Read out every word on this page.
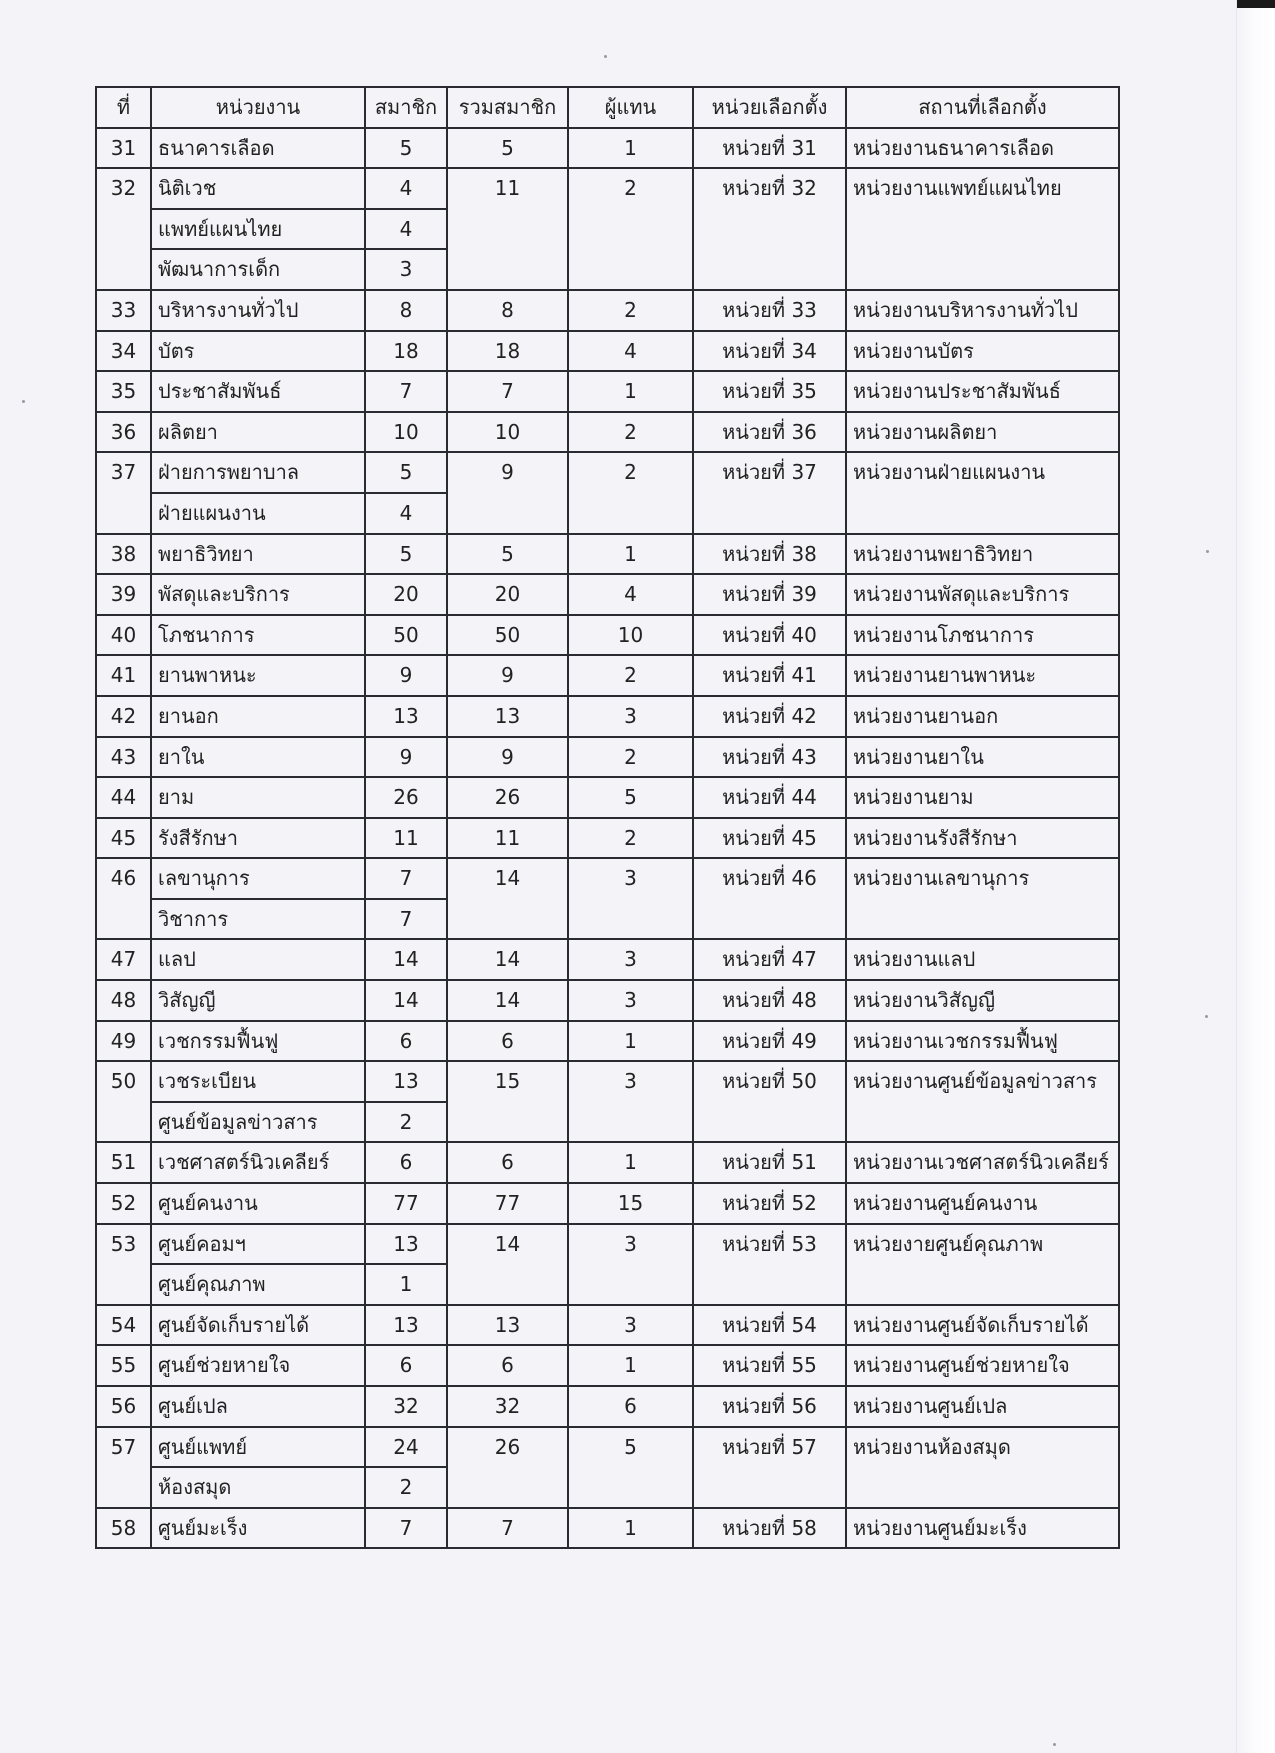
ที่	หน่วยงาน	สมาชิก	รวมสมาชิก	ผู้แทน	หน่วยเลือกตั้ง	สถานที่เลือกตั้ง
31	ธนาคารเลือด	5	5	1	หน่วยที่ 31	หน่วยงานธนาคารเลือด
32	นิติเวช	4	11	2	หน่วยที่ 32	หน่วยงานแพทย์แผนไทย
	แพทย์แผนไทย	4				
	พัฒนาการเด็ก	3				
33	บริหารงานทั่วไป	8	8	2	หน่วยที่ 33	หน่วยงานบริหารงานทั่วไป
34	บัตร	18	18	4	หน่วยที่ 34	หน่วยงานบัตร
35	ประชาสัมพันธ์	7	7	1	หน่วยที่ 35	หน่วยงานประชาสัมพันธ์
36	ผลิตยา	10	10	2	หน่วยที่ 36	หน่วยงานผลิตยา
37	ฝ่ายการพยาบาล	5	9	2	หน่วยที่ 37	หน่วยงานฝ่ายแผนงาน
	ฝ่ายแผนงาน	4				
38	พยาธิวิทยา	5	5	1	หน่วยที่ 38	หน่วยงานพยาธิวิทยา
39	พัสดุและบริการ	20	20	4	หน่วยที่ 39	หน่วยงานพัสดุและบริการ
40	โภชนาการ	50	50	10	หน่วยที่ 40	หน่วยงานโภชนาการ
41	ยานพาหนะ	9	9	2	หน่วยที่ 41	หน่วยงานยานพาหนะ
42	ยานอก	13	13	3	หน่วยที่ 42	หน่วยงานยานอก
43	ยาใน	9	9	2	หน่วยที่ 43	หน่วยงานยาใน
44	ยาม	26	26	5	หน่วยที่ 44	หน่วยงานยาม
45	รังสีรักษา	11	11	2	หน่วยที่ 45	หน่วยงานรังสีรักษา
46	เลขานุการ	7	14	3	หน่วยที่ 46	หน่วยงานเลขานุการ
	วิชาการ	7				
47	แลป	14	14	3	หน่วยที่ 47	หน่วยงานแลป
48	วิสัญญี	14	14	3	หน่วยที่ 48	หน่วยงานวิสัญญี
49	เวชกรรมฟื้นฟู	6	6	1	หน่วยที่ 49	หน่วยงานเวชกรรมฟื้นฟู
50	เวชระเบียน	13	15	3	หน่วยที่ 50	หน่วยงานศูนย์ข้อมูลข่าวสาร
	ศูนย์ข้อมูลข่าวสาร	2				
51	เวชศาสตร์นิวเคลียร์	6	6	1	หน่วยที่ 51	หน่วยงานเวชศาสตร์นิวเคลียร์
52	ศูนย์คนงาน	77	77	15	หน่วยที่ 52	หน่วยงานศูนย์คนงาน
53	ศูนย์คอมฯ	13	14	3	หน่วยที่ 53	หน่วยงายศูนย์คุณภาพ
	ศูนย์คุณภาพ	1				
54	ศูนย์จัดเก็บรายได้	13	13	3	หน่วยที่ 54	หน่วยงานศูนย์จัดเก็บรายได้
55	ศูนย์ช่วยหายใจ	6	6	1	หน่วยที่ 55	หน่วยงานศูนย์ช่วยหายใจ
56	ศูนย์เปล	32	32	6	หน่วยที่ 56	หน่วยงานศูนย์เปล
57	ศูนย์แพทย์	24	26	5	หน่วยที่ 57	หน่วยงานห้องสมุด
	ห้องสมุด	2				
58	ศูนย์มะเร็ง	7	7	1	หน่วยที่ 58	หน่วยงานศูนย์มะเร็ง
